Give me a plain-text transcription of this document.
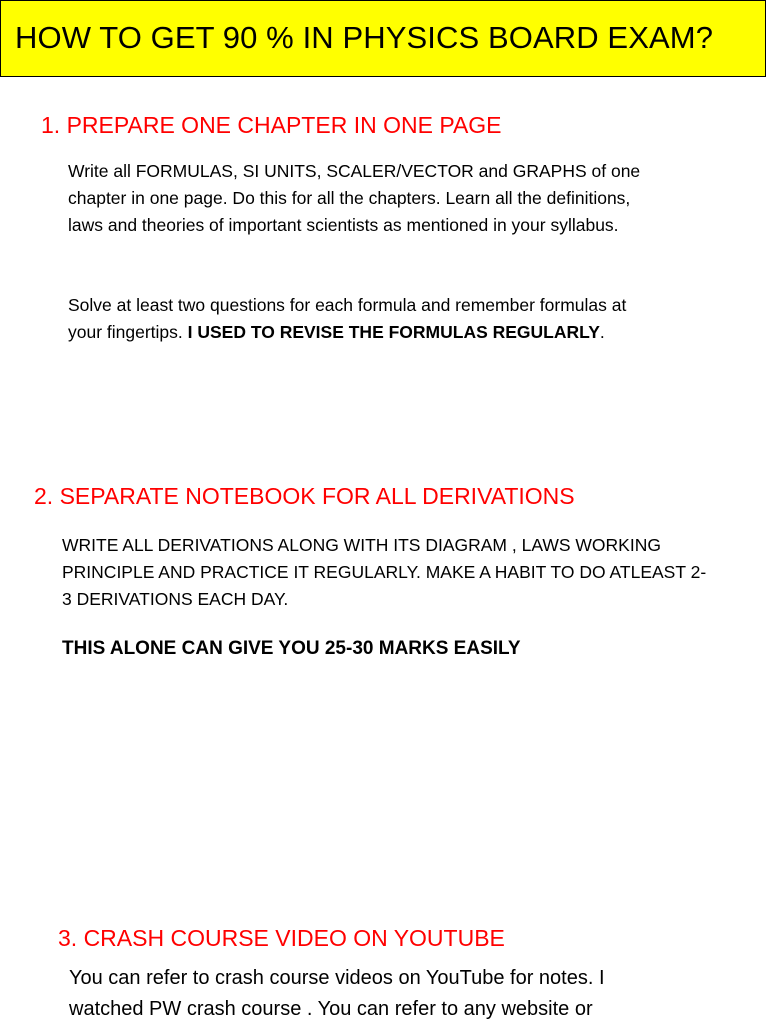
HOW TO GET 90 % IN PHYSICS BOARD EXAM?
1. PREPARE ONE CHAPTER IN ONE PAGE
Write all FORMULAS, SI UNITS, SCALER/VECTOR and GRAPHS of one
chapter in one page. Do this for all the chapters. Learn all the definitions,
laws and theories of important scientists as mentioned in your syllabus.
Solve at least two questions for each formula and remember formulas at
your fingertips. I USED TO REVISE THE FORMULAS REGULARLY.
2. SEPARATE NOTEBOOK FOR ALL DERIVATIONS
WRITE ALL DERIVATIONS ALONG WITH ITS DIAGRAM , LAWS WORKING
PRINCIPLE AND PRACTICE IT REGULARLY. MAKE A HABIT TO DO ATLEAST 2-
3 DERIVATIONS EACH DAY.
THIS ALONE CAN GIVE YOU 25-30 MARKS EASILY
3. CRASH COURSE VIDEO ON YOUTUBE
You can refer to crash course videos on YouTube for notes. I
watched PW crash course . You can refer to any website or
